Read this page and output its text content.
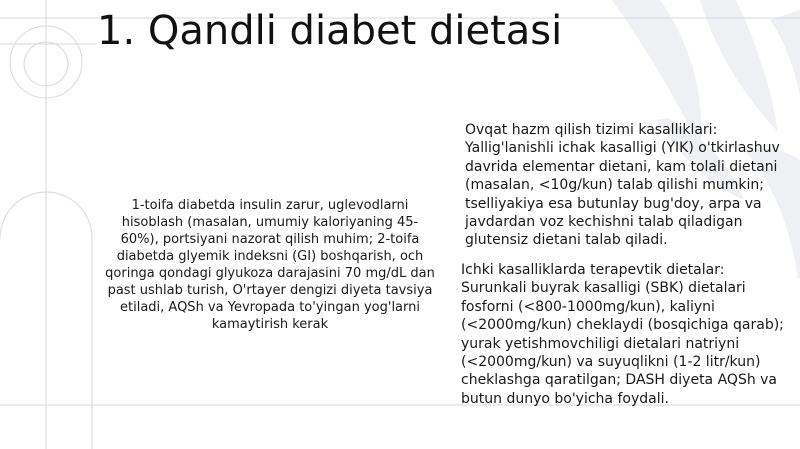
1. Qandli diabet dietasi

1-toifa diabetda insulin zarur, uglevodlarni hisoblash (masalan, umumiy kaloriyaning 45-60%), portsiyani nazorat qilish muhim; 2-toifa diabetda glyemik indeksni (GI) boshqarish, och qoringa qondagi glyukoza darajasini 70 mg/dL dan past ushlab turish, O'rtayer dengizi diyeta tavsiya etiladi, AQSh va Yevropada to'yingan yog'larni kamaytirish kerak

Ovqat hazm qilish tizimi kasalliklari:
Yallig'lanishli ichak kasalligi (YIK) o'tkirlashuv davrida elementar dietani, kam tolali dietani (masalan, <10g/kun) talab qilishi mumkin; tselliyakiya esa butunlay bug'doy, arpa va javdardan voz kechishni talab qiladigan glutensiz dietani talab qiladi.
Ichki kasalliklarda terapevtik dietalar:
Surunkali buyrak kasalligi (SBK) dietalari fosforni (<800-1000mg/kun), kaliyni (<2000mg/kun) cheklaydi (bosqichiga qarab); yurak yetishmovchiligi dietalari natriyni (<2000mg/kun) va suyuqlikni (1-2 litr/kun) cheklashga qaratilgan; DASH diyeta AQSh va butun dunyo bo'yicha foydali.
